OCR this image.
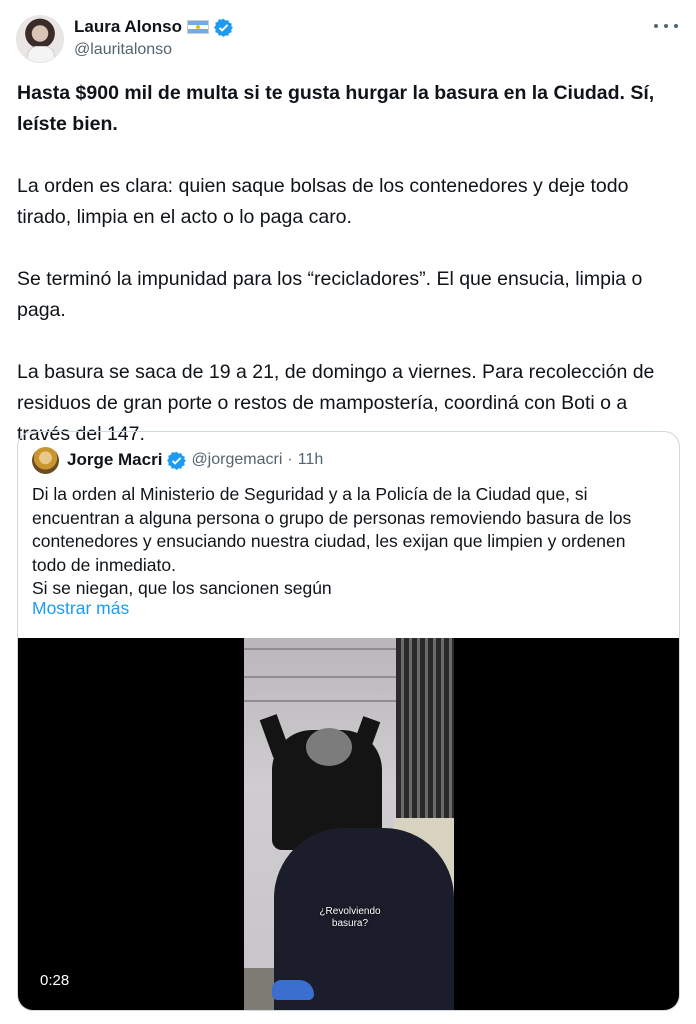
Laura Alonso
@lauritalonso

Hasta $900 mil de multa si te gusta hurgar la basura en la Ciudad. Sí, leíste bien.

La orden es clara: quien saque bolsas de los contenedores y deje todo tirado, limpia en el acto o lo paga caro.

Se terminó la impunidad para los “recicladores”. El que ensucia, limpia o paga.

La basura se saca de 19 a 21, de domingo a viernes. Para recolección de residuos de gran porte o restos de mampostería, coordiná con Boti o a través del 147.

Jorge Macri @jorgemacri · 11h
Di la orden al Ministerio de Seguridad y a la Policía de la Ciudad que, si
encuentran a alguna persona o grupo de personas removiendo basura de los
contenedores y ensuciando nuestra ciudad, les exijan que limpien y ordenen
todo de inmediato.
Si se niegan, que los sancionen según
Mostrar más
¿Revolviendo basura?
0:28
